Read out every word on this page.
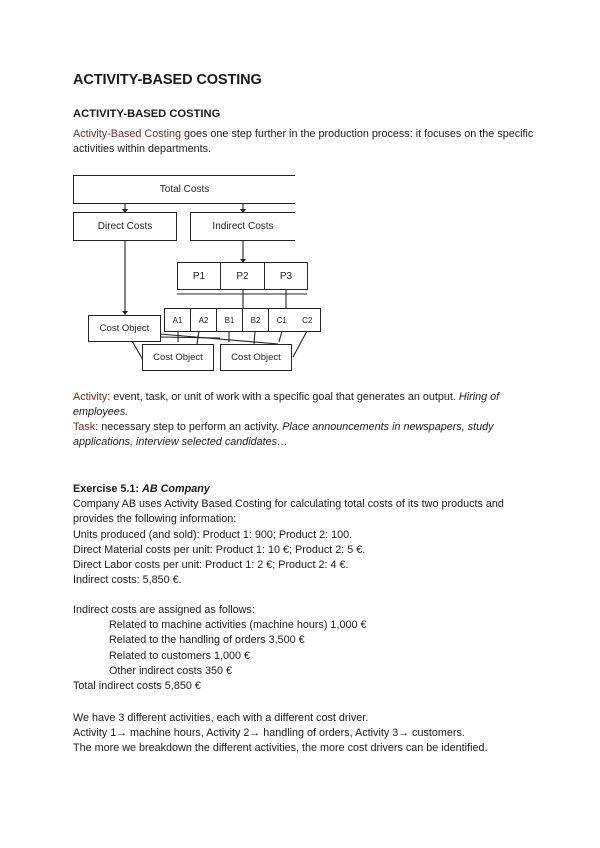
ACTIVITY-BASED COSTING
ACTIVITY-BASED COSTING
Activity-Based Costing goes one step further in the production process: it focuses on the specific activities within departments.
Total Costs
Direct Costs	Indirect Costs
P1	P2	P3
A1	A2	B1	B2	C1 C2
Cost Object
Cost Object	Cost Object
Activity: event, task, or unit of work with a specific goal that generates an output. Hiring of employees.
Task: necessary step to perform an activity. Place announcements in newspapers, study applications, interview selected candidates…
Exercise 5.1: AB Company
Company AB uses Activity Based Costing for calculating total costs of its two products and provides the following information:
Units produced (and sold): Product 1: 900; Product 2: 100.
Direct Material costs per unit: Product 1: 10 €; Product 2: 5 €.
Direct Labor costs per unit: Product 1: 2 €; Product 2: 4 €.
Indirect costs: 5,850 €.
Indirect costs are assigned as follows:
Related to machine activities (machine hours) 1,000 €
Related to the handling of orders 3,500 €
Related to customers 1,000 €
Other indirect costs 350 €
Total indirect costs 5,850 €
We have 3 different activities, each with a different cost driver.
Activity 1→ machine hours, Activity 2→ handling of orders, Activity 3→ customers.
The more we breakdown the different activities, the more cost drivers can be identified.
